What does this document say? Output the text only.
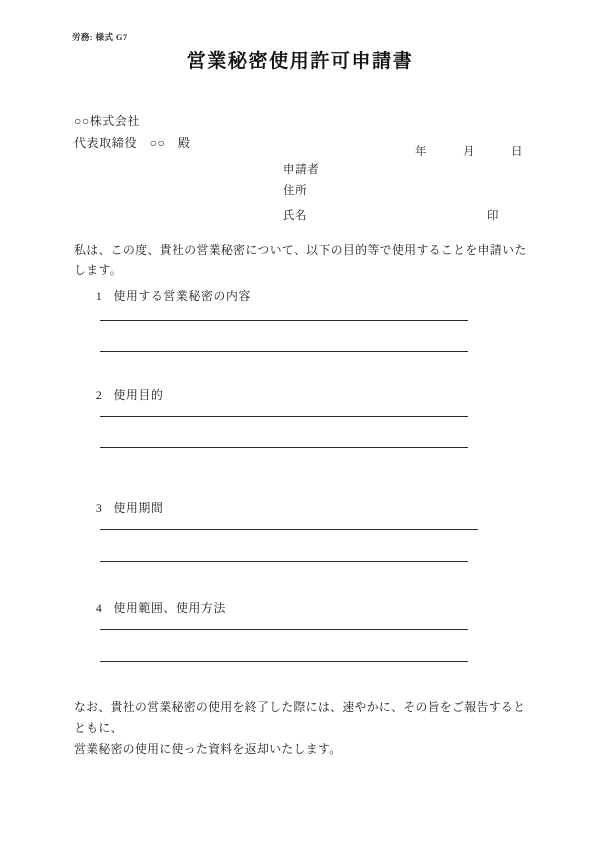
労務: 様式 G7
営業秘密使用許可申請書
○○株式会社
代表取締役　○○　殿
年　　　月　　　日
申請者
住所
氏名	印
私は、この度、貴社の営業秘密について、以下の目的等で使用することを申請いたします。

1 使用する営業秘密の内容

2 使用目的

3 使用期間

4 使用範囲、使用方法

なお、貴社の営業秘密の使用を終了した際には、速やかに、その旨をご報告するとともに、
営業秘密の使用に使った資料を返却いたします。
